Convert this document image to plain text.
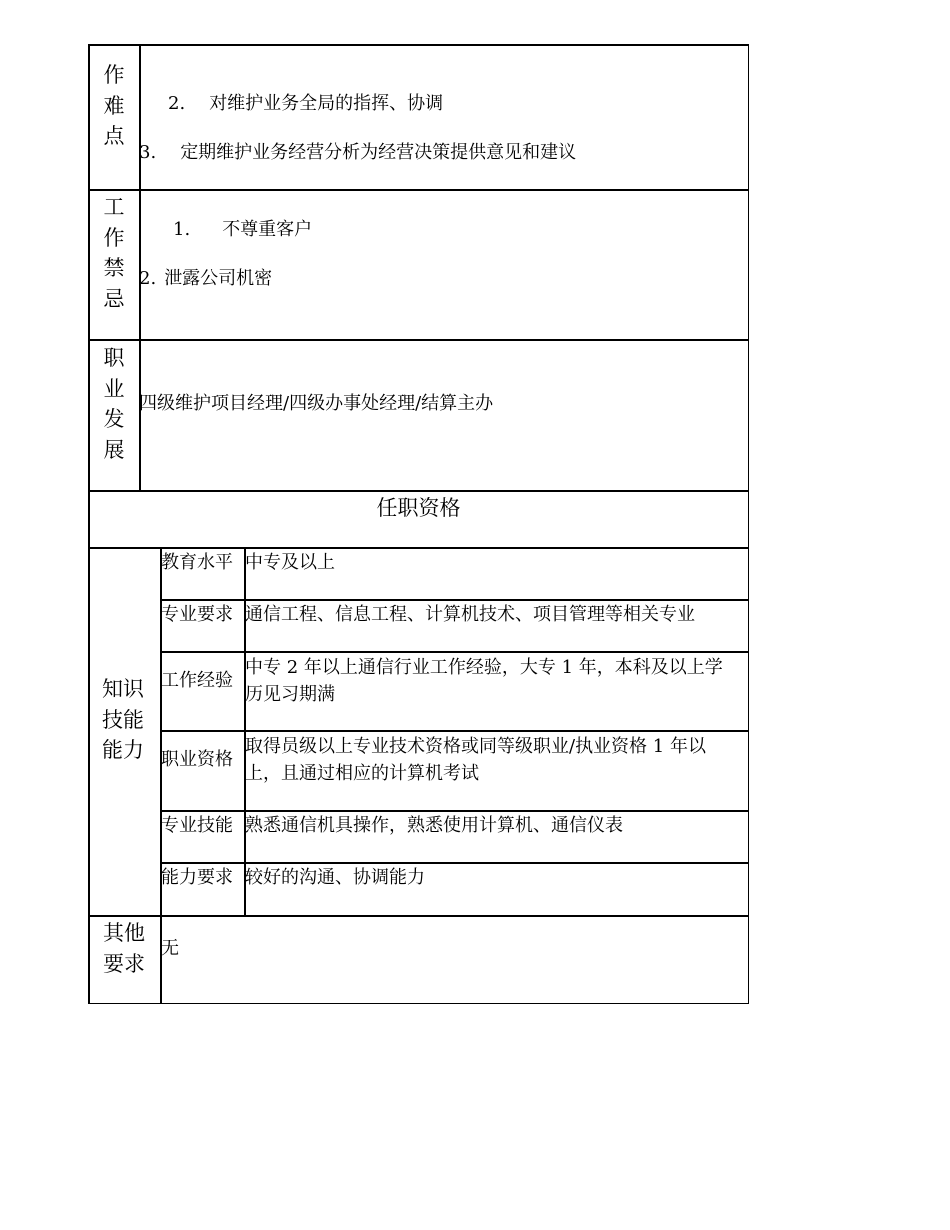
作
难
点
2. 对维护业务全局的指挥、协调
3. 定期维护业务经营分析为经营决策提供意见和建议
工
作
禁
忌
1. 不尊重客户
2. 泄露公司机密
职
业
发
展
四级维护项目经理/四级办事处经理/结算主办
任职资格
知识
技能
能力
教育水平 中专及以上
专业要求 通信工程、信息工程、计算机技术、项目管理等相关专业
工作经验
中专 2 年以上通信行业工作经验，大专 1 年，本科及以上学历见习期满
职业资格
取得员级以上专业技术资格或同等级职业/执业资格 1 年以上，且通过相应的计算机考试
专业技能 熟悉通信机具操作，熟悉使用计算机、通信仪表
能力要求 较好的沟通、协调能力
其他
要求
无
